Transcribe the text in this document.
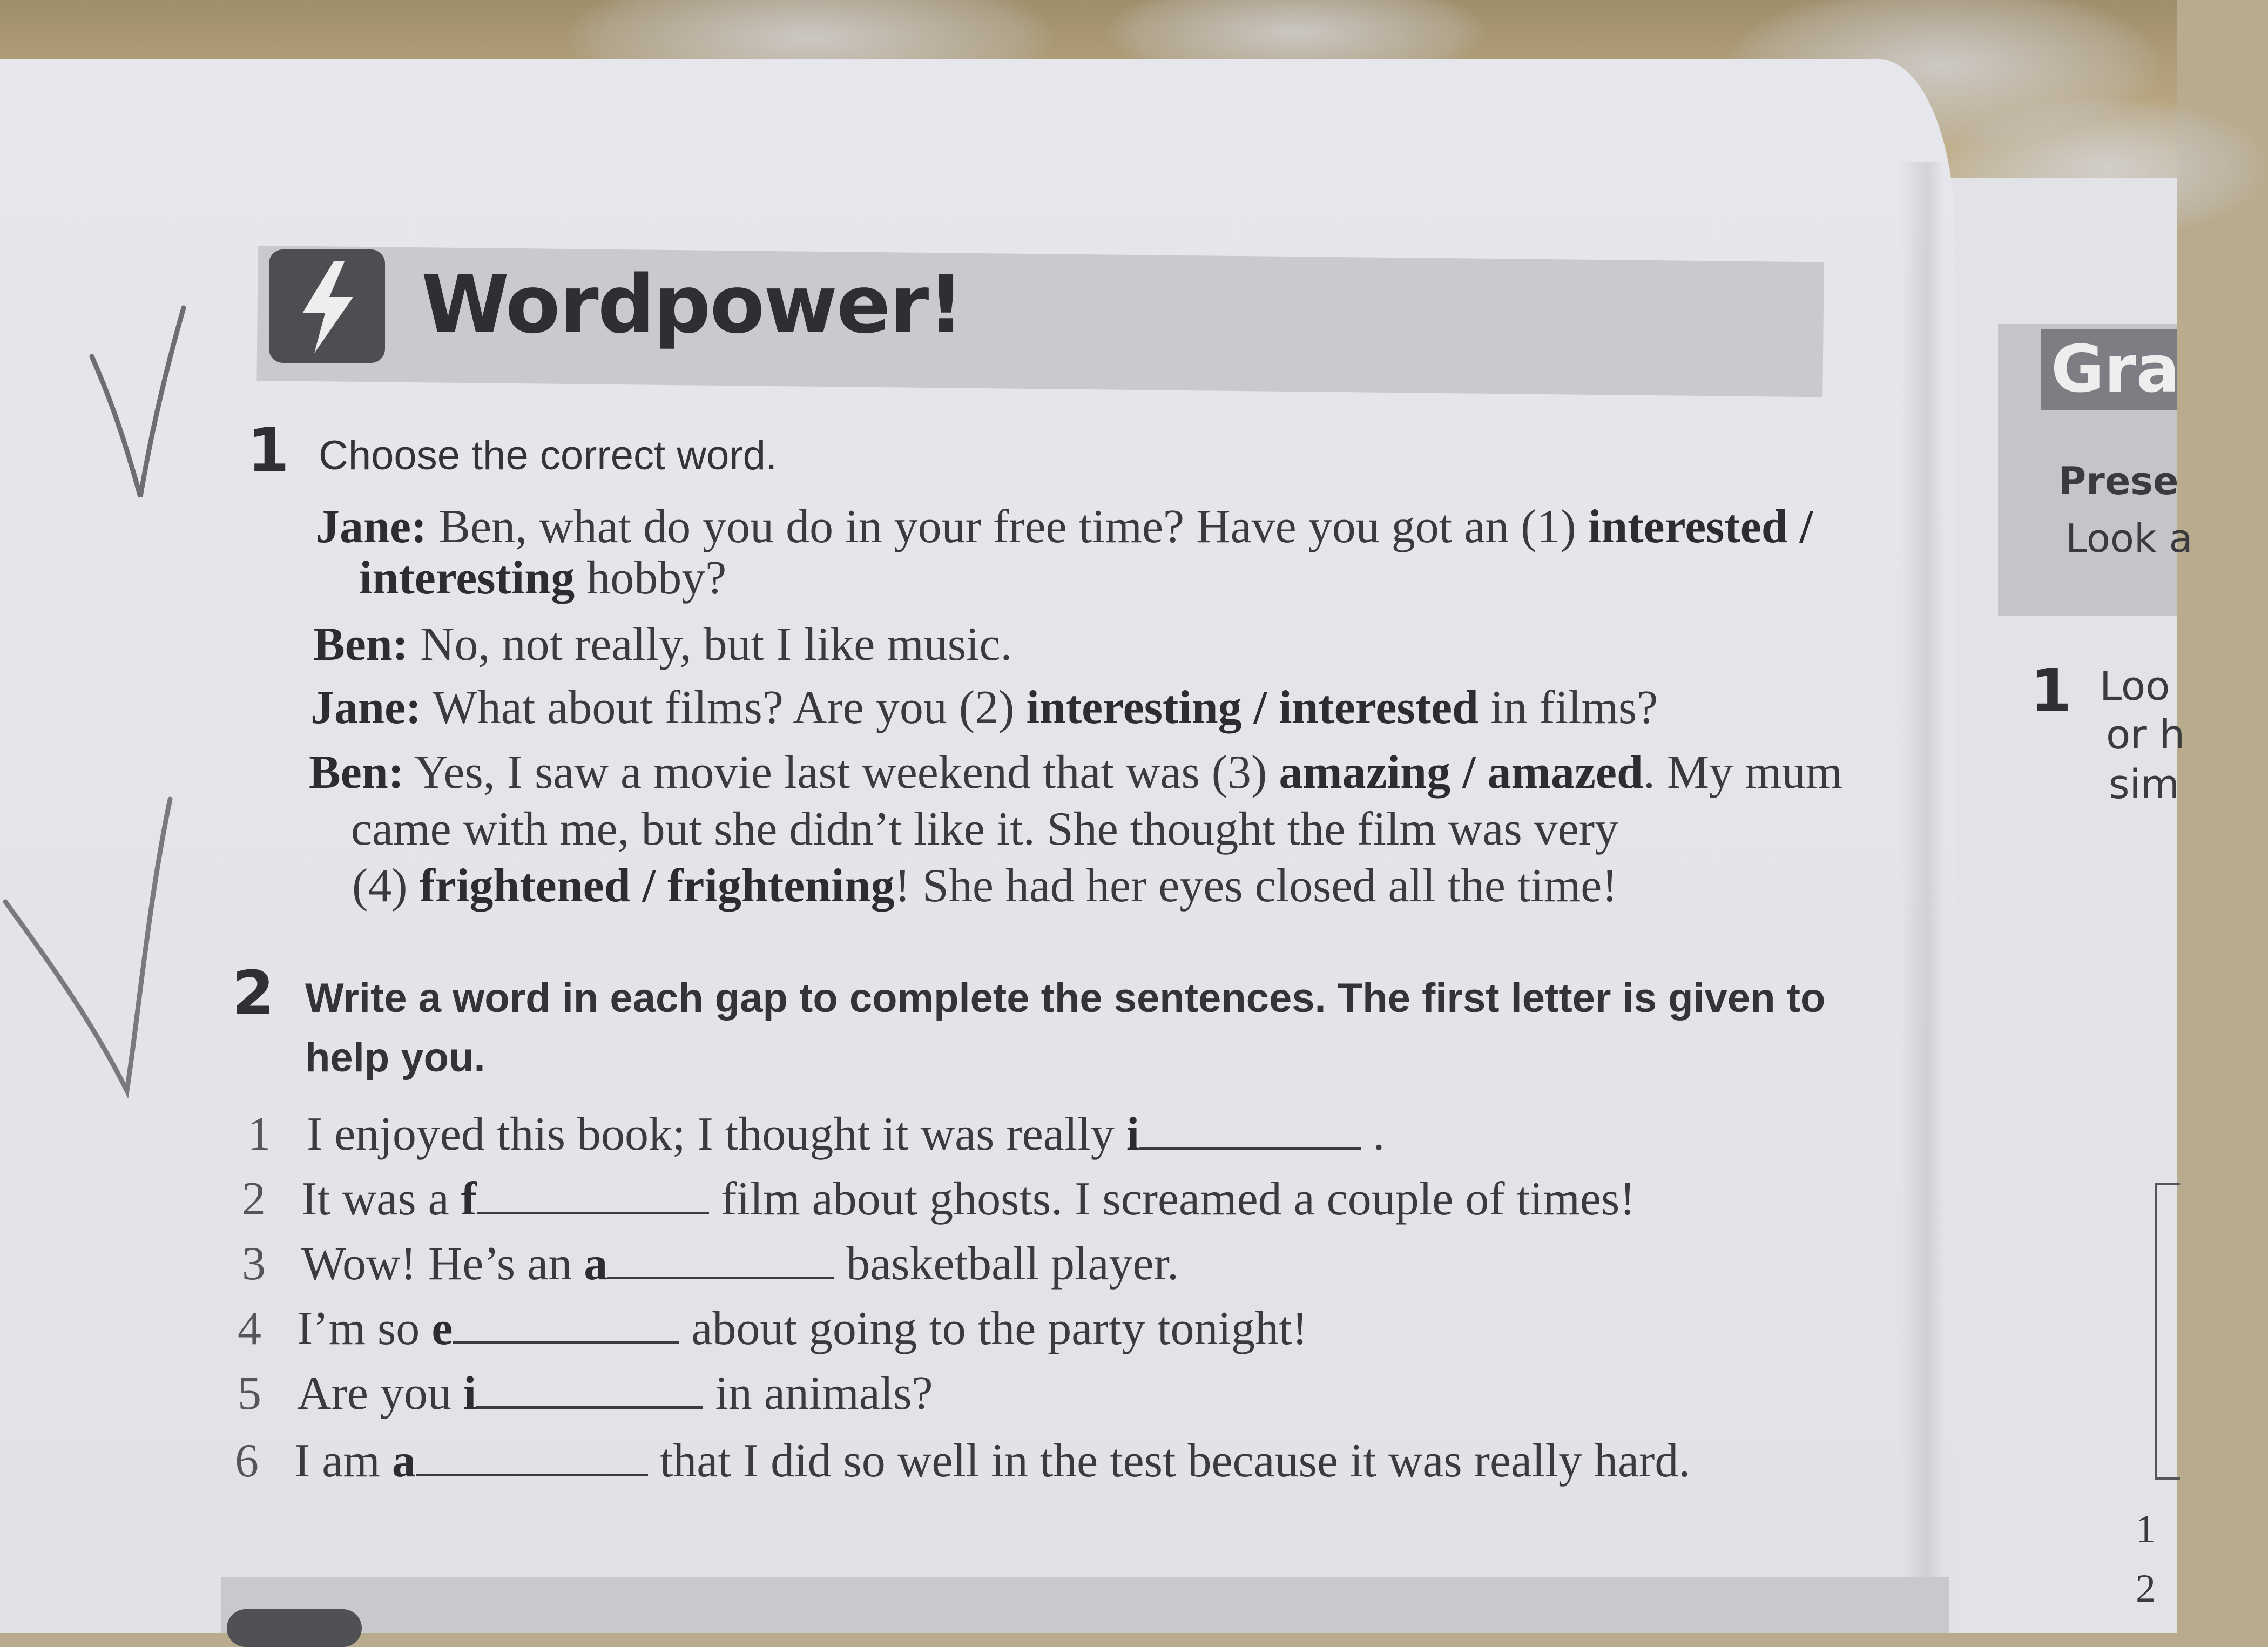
Wordpower!
1 Choose the correct word.

Jane: Ben, what do you do in your free time? Have you got an (1) interested /

interesting hobby?

Ben: No, not really, but I like music.

Jane: What about films? Are you (2) interesting / interested in films?

Ben: Yes, I saw a movie last weekend that was (3) amazing / amazed. My mum

came with me, but she didn’t like it. She thought the film was very

(4) frightened / frightening! She had her eyes closed all the time!

2 Write a word in each gap to complete the sentences. The first letter is given to

help you.

1 I enjoyed this book; I thought it was really i	.
2 It was a f	film about ghosts. I screamed a couple of times!
3 Wow! He’s an a	basketball player.
4 I’m so e	about going to the party tonight!
5 Are you i	in animals?
6 I am a	that I did so well in the test because it was really hard.
Gra
Prese
Look a
1 Loo
or h
sim
1
2
